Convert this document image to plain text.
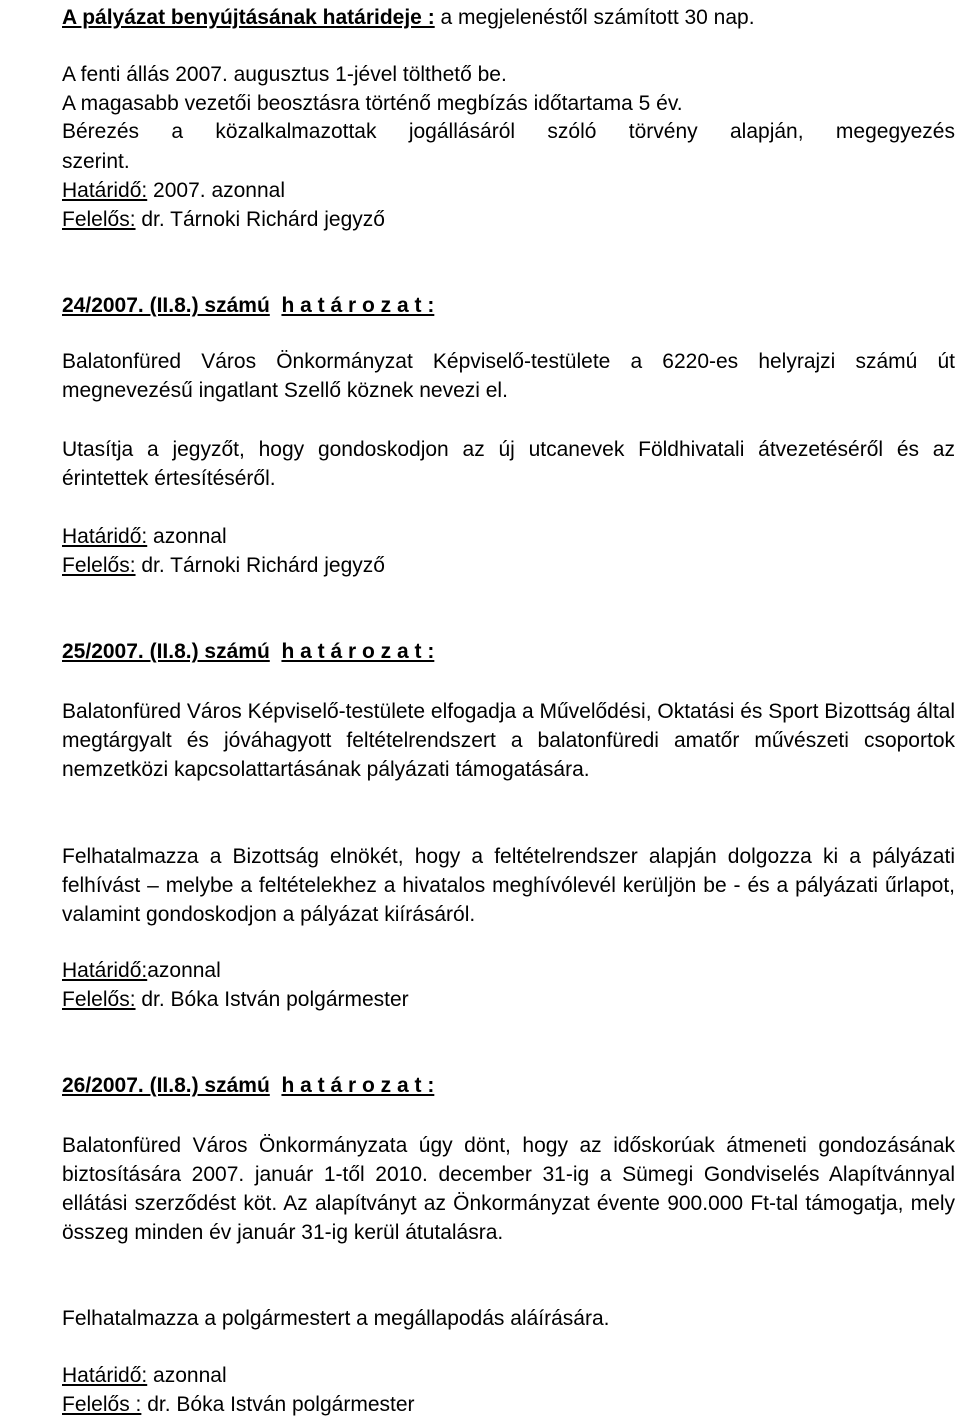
A pályázat benyújtásának határideje : a megjelenéstől számított 30 nap.
A fenti állás 2007. augusztus 1-jével tölthető be.
A magasabb vezetői beosztásra történő megbízás időtartama 5 év.
Bérezés a közalkalmazottak jogállásáról szóló törvény alapján, megegyezés
szerint.
Határidő: 2007. azonnal
Felelős: dr. Tárnoki Richárd jegyző
24/2007. (II.8.) számú h a t á r o z a t :
Balatonfüred Város Önkormányzat Képviselő-testülete a 6220-es helyrajzi számú út megnevezésű ingatlant Szellő köznek nevezi el.
Utasítja a jegyzőt, hogy gondoskodjon az új utcanevek Földhivatali átvezetéséről és az érintettek értesítéséről.
Határidő: azonnal
Felelős: dr. Tárnoki Richárd jegyző
25/2007. (II.8.) számú h a t á r o z a t :
Balatonfüred Város Képviselő-testülete elfogadja a Művelődési, Oktatási és Sport Bizottság által megtárgyalt és jóváhagyott feltételrendszert a balatonfüredi amatőr művészeti csoportok nemzetközi kapcsolattartásának pályázati támogatására.
Felhatalmazza a Bizottság elnökét, hogy a feltételrendszer alapján dolgozza ki a pályázati felhívást – melybe a feltételekhez a hivatalos meghívólevél kerüljön be - és a pályázati űrlapot, valamint gondoskodjon a pályázat kiírásáról.
Határidő:azonnal
Felelős: dr. Bóka István polgármester
26/2007. (II.8.) számú h a t á r o z a t :
Balatonfüred Város Önkormányzata úgy dönt, hogy az időskorúak átmeneti gondozásának biztosítására 2007. január 1-től 2010. december 31-ig a Sümegi Gondviselés Alapítvánnyal ellátási szerződést köt. Az alapítványt az Önkormányzat évente 900.000 Ft-tal támogatja, mely összeg minden év január 31-ig kerül átutalásra.
Felhatalmazza a polgármestert a megállapodás aláírására.
Határidő: azonnal
Felelős : dr. Bóka István polgármester
